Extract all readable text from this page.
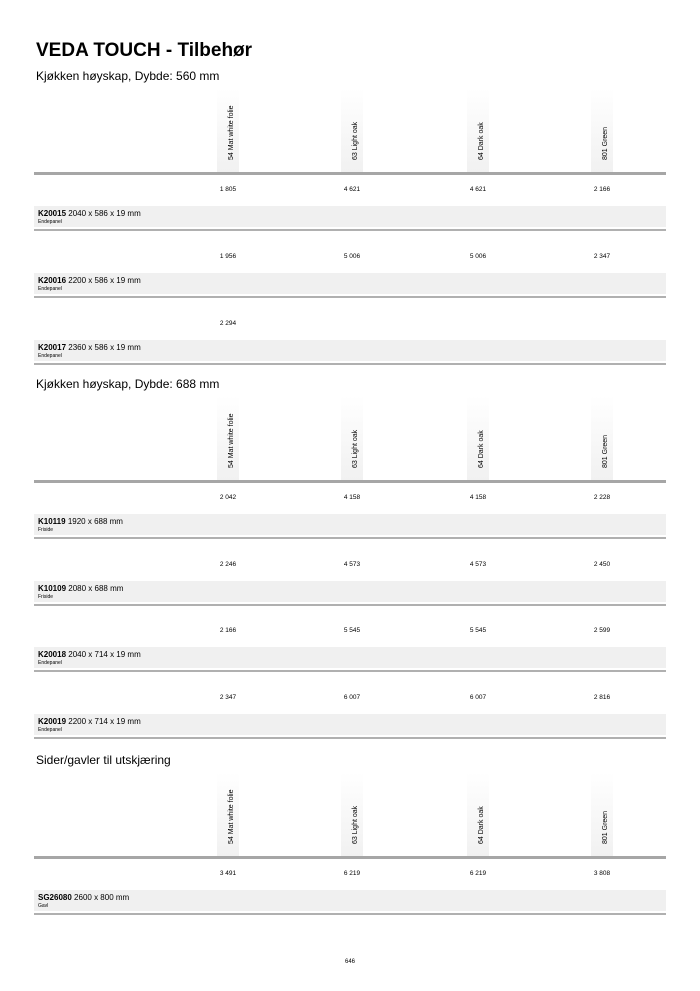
VEDA TOUCH - Tilbehør
Kjøkken høyskap, Dybde: 560 mm
54 Mat white folie	63 Light oak	64 Dark oak	801 Green
1 805	4 621	4 621	2 166
K20015 2040 x 586 x 19 mm
Endepanel
1 956	5 006	5 006	2 347
K20016 2200 x 586 x 19 mm
Endepanel
2 294
K20017 2360 x 586 x 19 mm
Endepanel
Kjøkken høyskap, Dybde: 688 mm
54 Mat white folie	63 Light oak	64 Dark oak	801 Green
2 042	4 158	4 158	2 228
K10119 1920 x 688 mm
Friside
2 246	4 573	4 573	2 450
K10109 2080 x 688 mm
Friside
2 166	5 545	5 545	2 599
K20018 2040 x 714 x 19 mm
Endepanel
2 347	6 007	6 007	2 816
K20019 2200 x 714 x 19 mm
Endepanel
Sider/gavler til utskjæring
54 Mat white folie	63 Light oak	64 Dark oak	801 Green
3 491	6 219	6 219	3 808
SG26080 2600 x 800 mm
Gavl
646
